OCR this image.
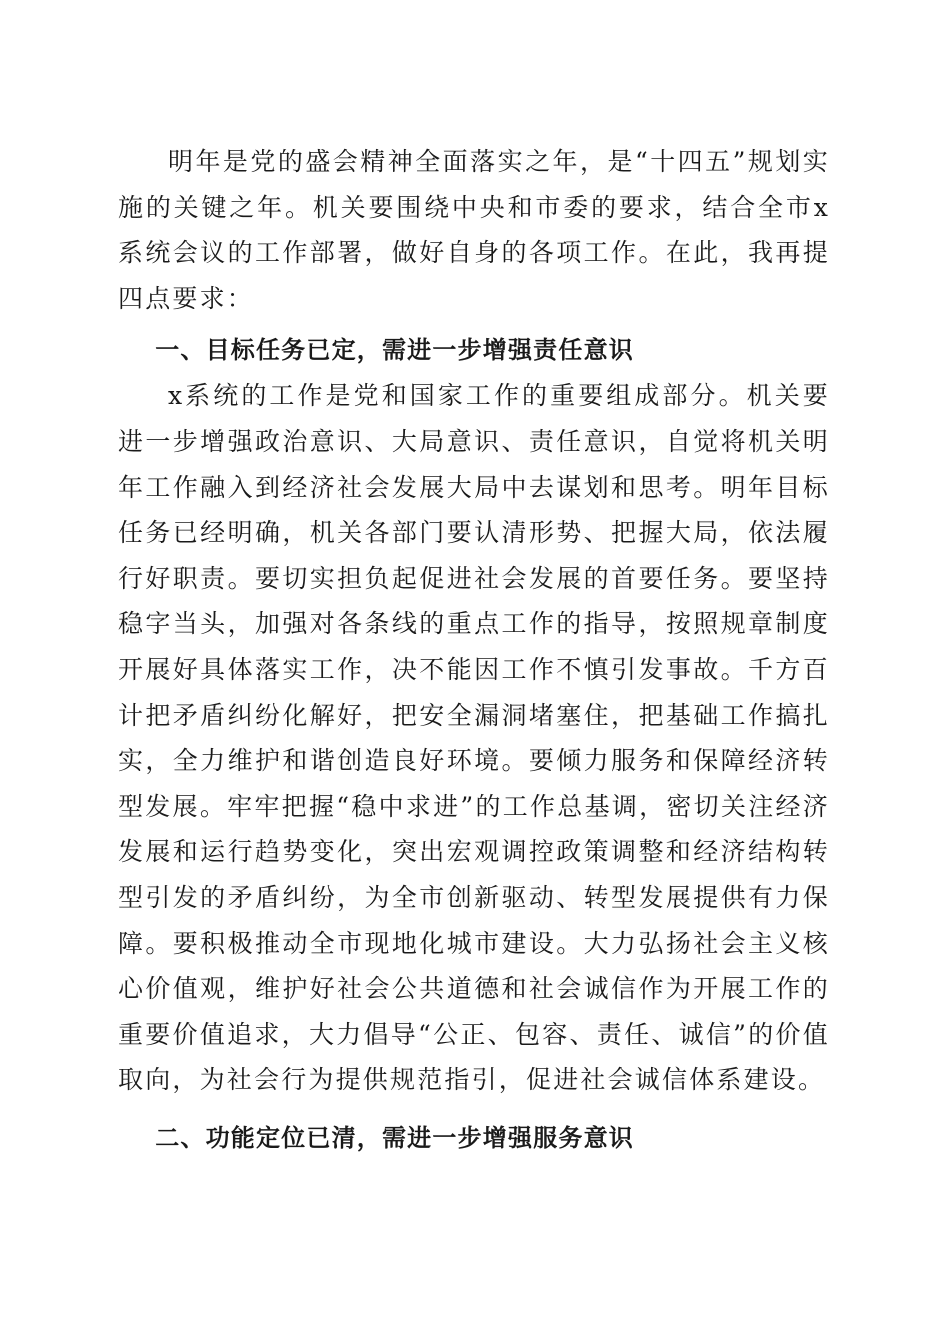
明年是党的盛会精神全面落实之年，是“十四五”规划实施的关键之年。机关要围绕中央和市委的要求，结合全市x系统会议的工作部署，做好自身的各项工作。在此，我再提四点要求：

一、目标任务已定，需进一步增强责任意识

x系统的工作是党和国家工作的重要组成部分。机关要进一步增强政治意识、大局意识、责任意识，自觉将机关明年工作融入到经济社会发展大局中去谋划和思考。明年目标任务已经明确，机关各部门要认清形势、把握大局，依法履行好职责。要切实担负起促进社会发展的首要任务。要坚持稳字当头，加强对各条线的重点工作的指导，按照规章制度开展好具体落实工作，决不能因工作不慎引发事故。千方百计把矛盾纠纷化解好，把安全漏洞堵塞住，把基础工作搞扎实，全力维护和谐创造良好环境。要倾力服务和保障经济转型发展。牢牢把握“稳中求进”的工作总基调，密切关注经济发展和运行趋势变化，突出宏观调控政策调整和经济结构转型引发的矛盾纠纷，为全市创新驱动、转型发展提供有力保障。要积极推动全市现地化城市建设。大力弘扬社会主义核心价值观，维护好社会公共道德和社会诚信作为开展工作的重要价值追求，大力倡导“公正、包容、责任、诚信”的价值取向，为社会行为提供规范指引，促进社会诚信体系建设。

二、功能定位已清，需进一步增强服务意识
